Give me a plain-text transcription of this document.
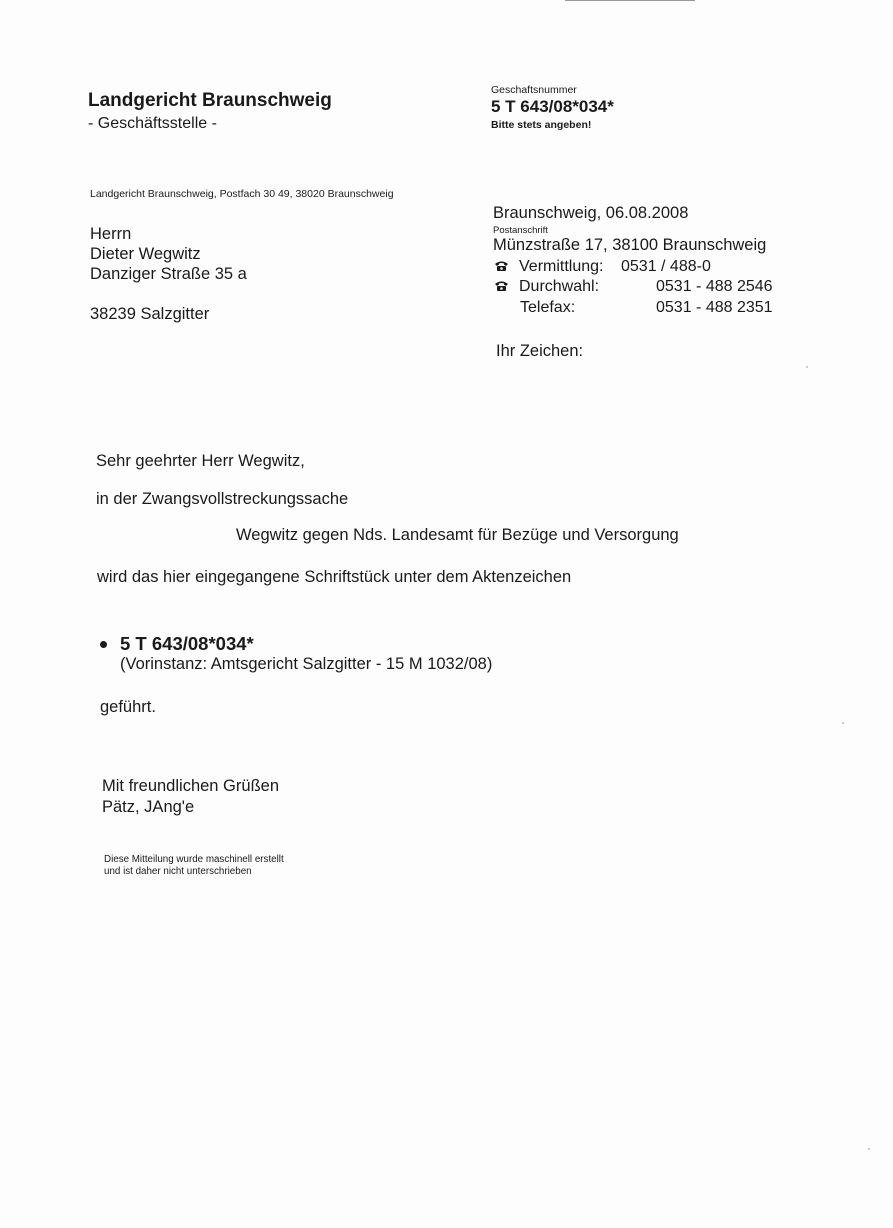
Landgericht Braunschweig
- Geschäftsstelle -
Geschaftsnummer
5 T 643/08*034*
Bitte stets angeben!
Landgericht Braunschweig, Postfach 30 49, 38020 Braunschweig
Herrn
Dieter Wegwitz
Danziger Straße 35 a
38239 Salzgitter
Braunschweig, 06.08.2008
Postanschrift
Münzstraße 17, 38100 Braunschweig
Vermittlung: 0531 / 488-0
Durchwahl:	0531 - 488 2546
Telefax:	0531 - 488 2351
Ihr Zeichen:
Sehr geehrter Herr Wegwitz,
in der Zwangsvollstreckungssache
Wegwitz gegen Nds. Landesamt für Bezüge und Versorgung
wird das hier eingegangene Schriftstück unter dem Aktenzeichen
5 T 643/08*034*
(Vorinstanz: Amtsgericht Salzgitter - 15 M 1032/08)
geführt.
Mit freundlichen Grüßen
Pätz, JAng'e
Diese Mitteilung wurde maschinell erstellt
und ist daher nicht unterschrieben
